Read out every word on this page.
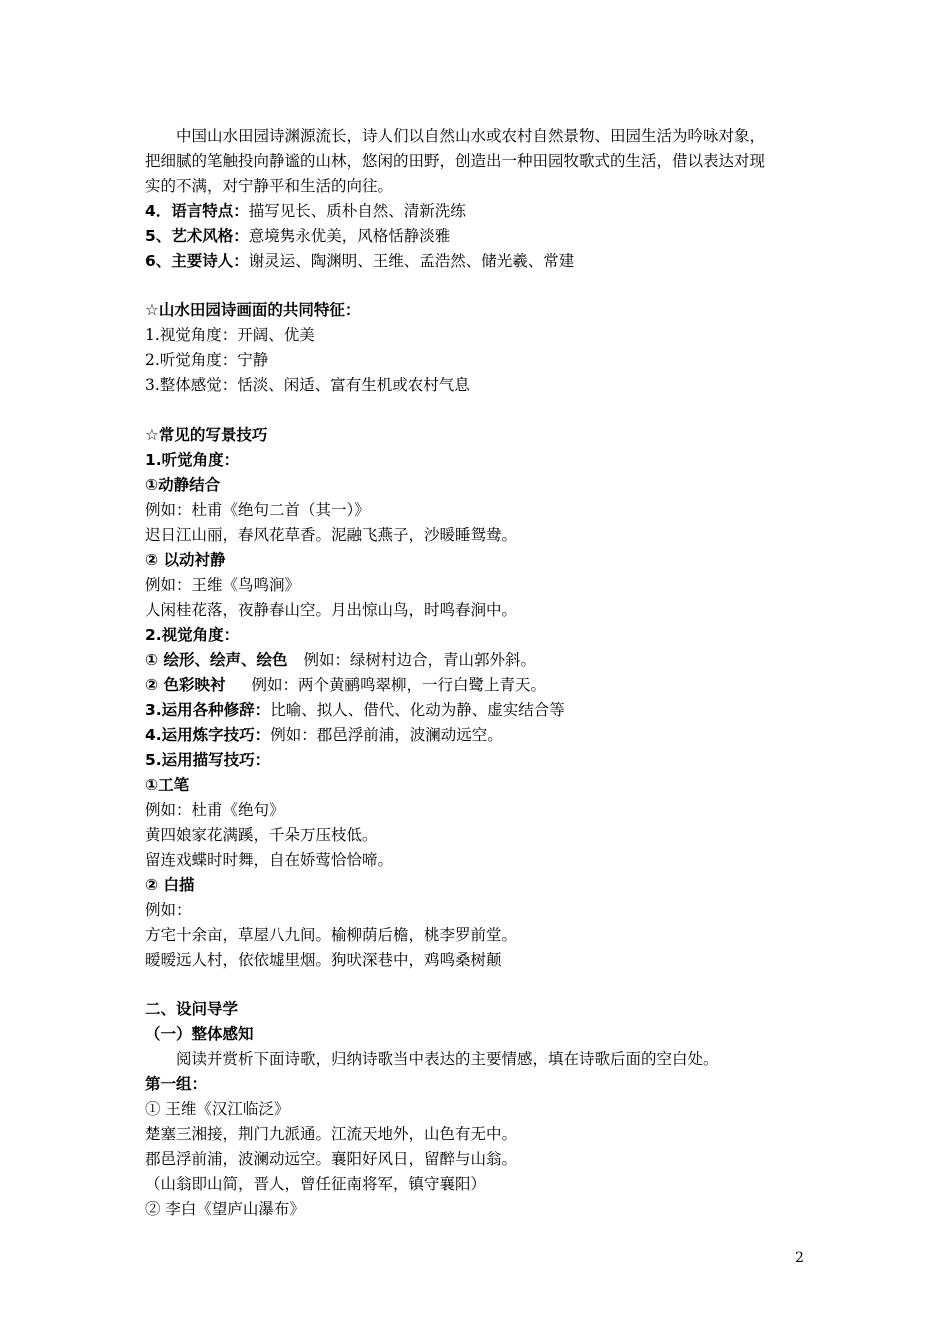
中国山水田园诗渊源流长，诗人们以自然山水或农村自然景物、田园生活为吟咏对象，
把细腻的笔触投向静谧的山林，悠闲的田野，创造出一种田园牧歌式的生活，借以表达对现
实的不满，对宁静平和生活的向往。
4．语言特点：描写见长、质朴自然、清新洗练
5、艺术风格：意境隽永优美，风格恬静淡雅
6、主要诗人：谢灵运、陶渊明、王维、孟浩然、储光羲、常建
☆山水田园诗画面的共同特征：
1.视觉角度：开阔、优美
2.听觉角度：宁静
3.整体感觉：恬淡、闲适、富有生机或农村气息
☆常见的写景技巧
1.听觉角度：
①动静结合
例如：杜甫《绝句二首（其一）》
迟日江山丽，春风花草香。泥融飞燕子，沙暖睡鸳鸯。
② 以动衬静
例如：王维《鸟鸣涧》
人闲桂花落，夜静春山空。月出惊山鸟，时鸣春涧中。
2.视觉角度：
① 绘形、绘声、绘色 例如：绿树村边合，青山郭外斜。
② 色彩映衬 例如：两个黄鹂鸣翠柳，一行白鹭上青天。
3.运用各种修辞：比喻、拟人、借代、化动为静、虚实结合等
4.运用炼字技巧：例如：郡邑浮前浦，波澜动远空。
5.运用描写技巧：
①工笔
例如：杜甫《绝句》
黄四娘家花满蹊，千朵万压枝低。
留连戏蝶时时舞，自在娇莺恰恰啼。
② 白描
例如：
方宅十余亩，草屋八九间。榆柳荫后檐，桃李罗前堂。
暧暧远人村，依依墟里烟。狗吠深巷中，鸡鸣桑树颠
二、设问导学
（一）整体感知
阅读并赏析下面诗歌，归纳诗歌当中表达的主要情感，填在诗歌后面的空白处。
第一组：
① 王维《汉江临泛》
楚塞三湘接，荆门九派通。江流天地外，山色有无中。
郡邑浮前浦，波澜动远空。襄阳好风日，留醉与山翁。
（山翁即山简，晋人，曾任征南将军，镇守襄阳）
② 李白《望庐山瀑布》
2
